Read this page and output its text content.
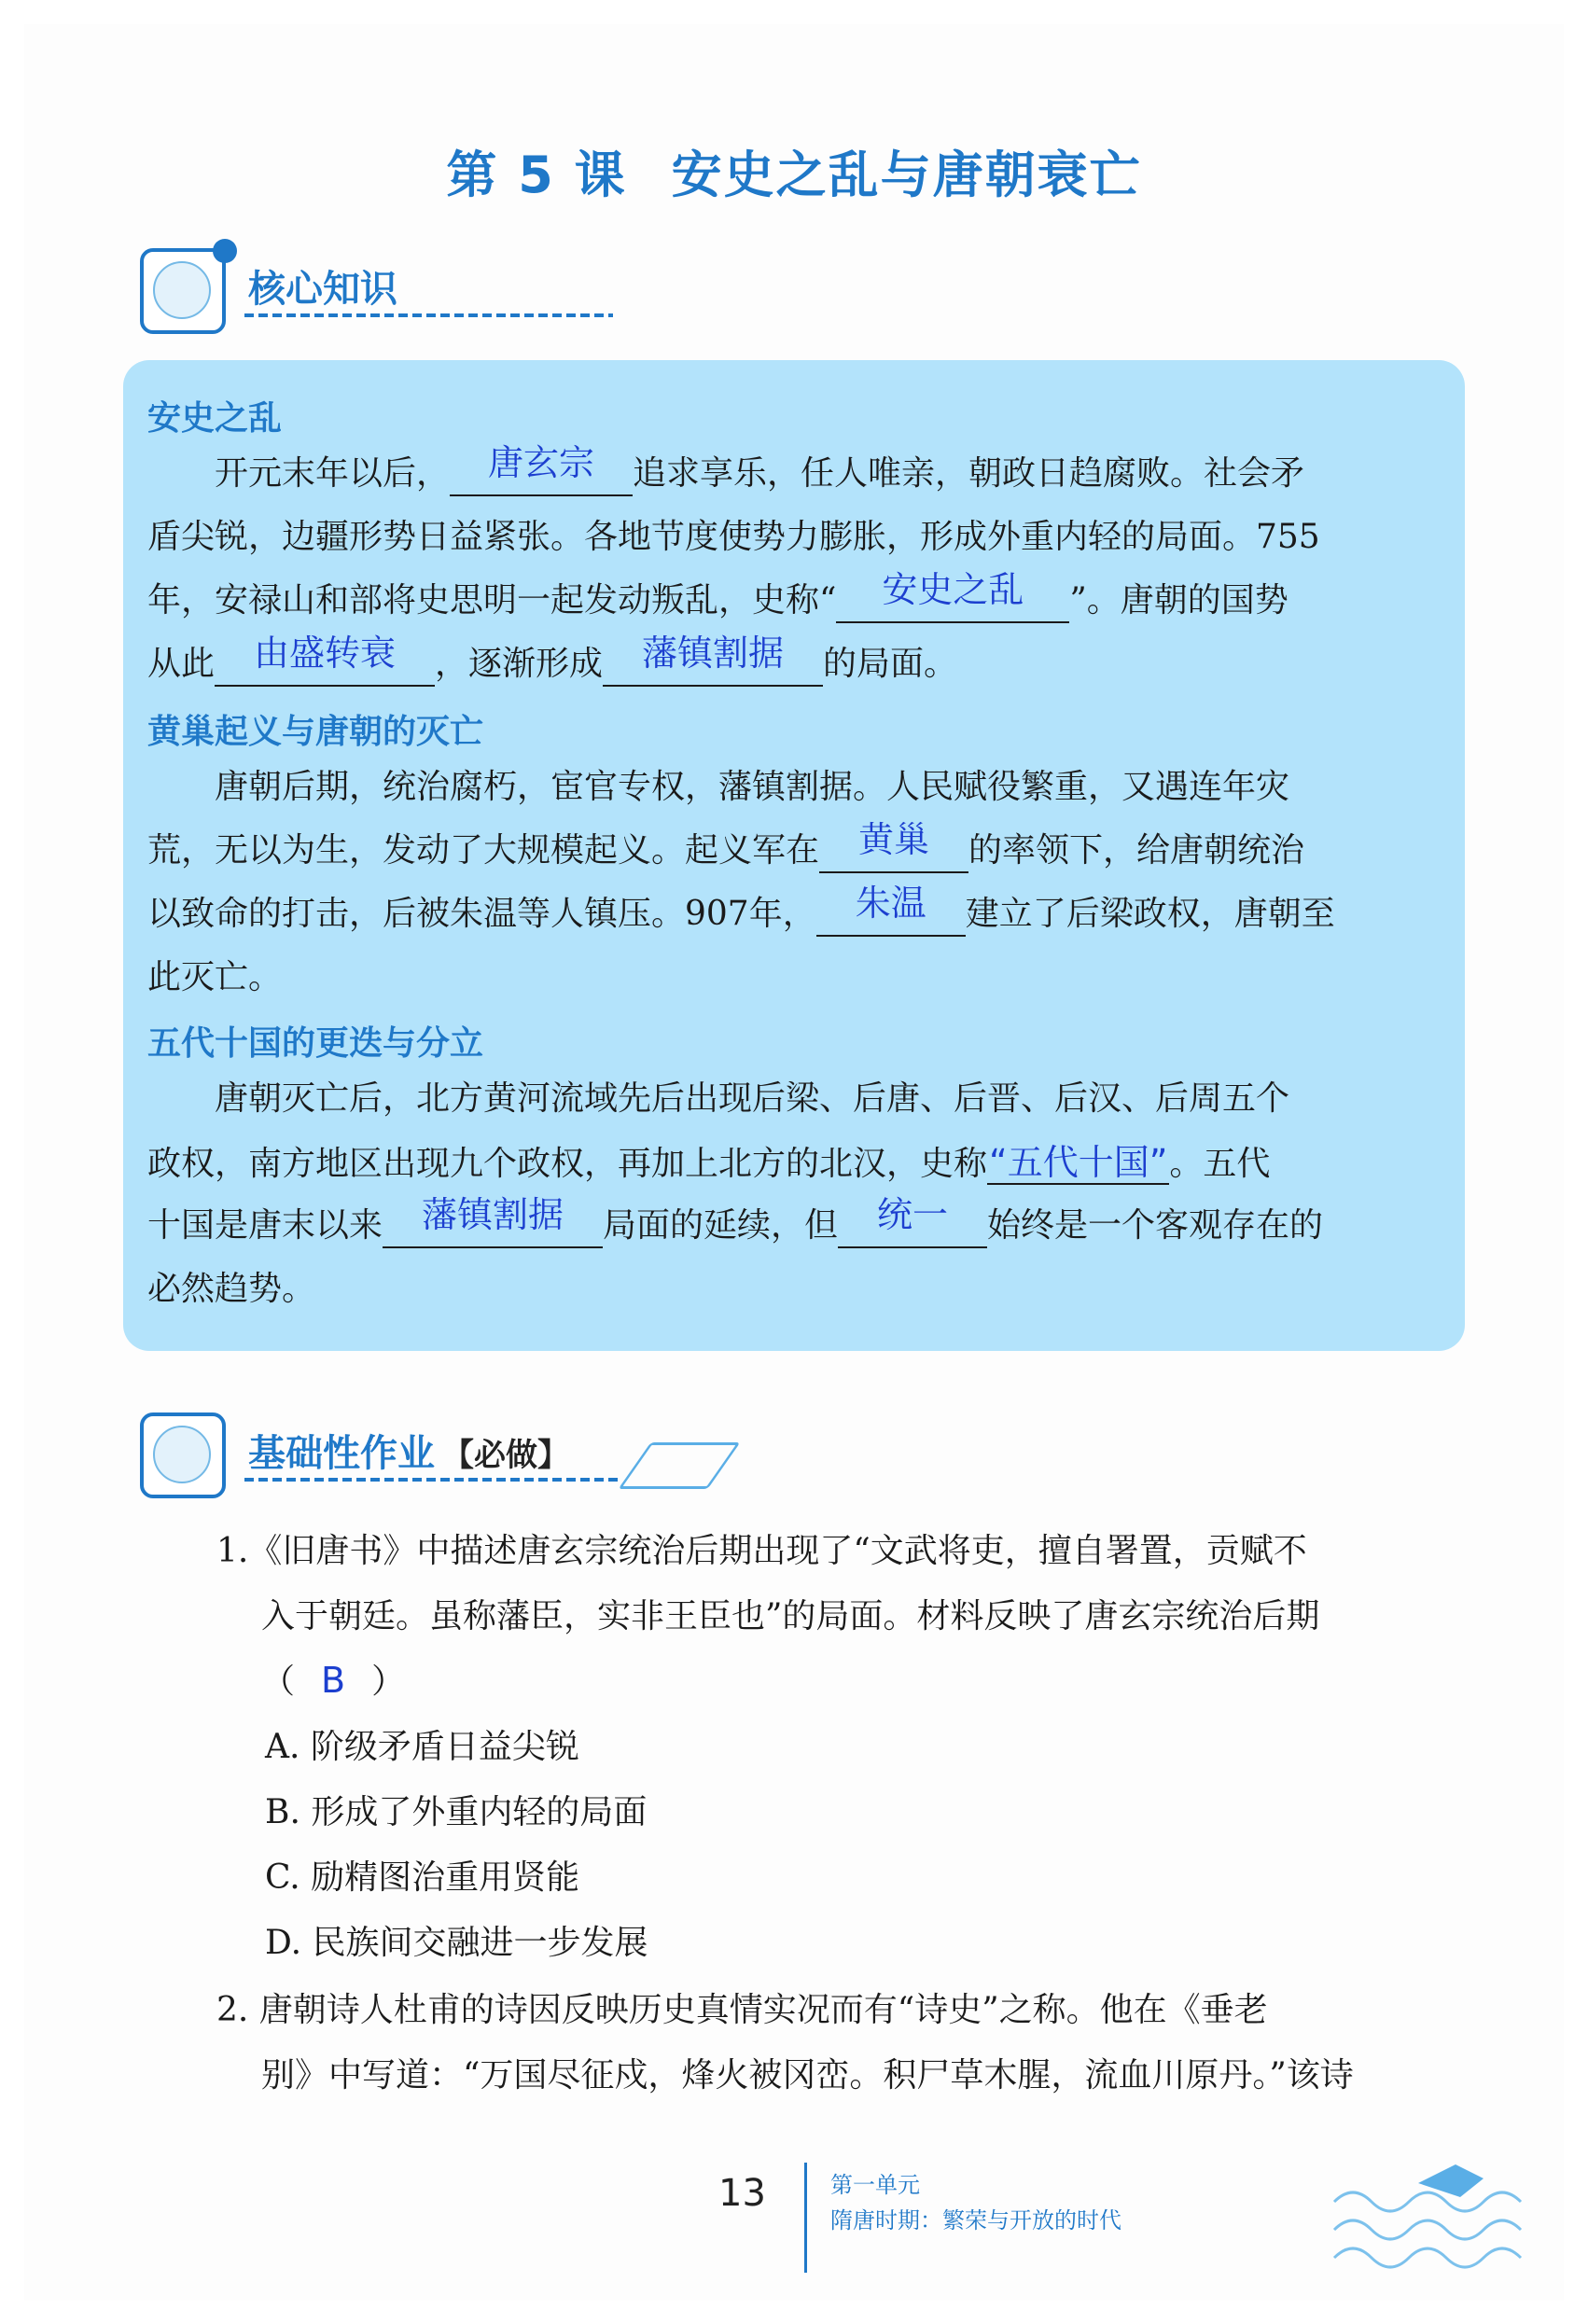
第 5 课 安史之乱与唐朝衰亡
核心知识
安史之乱
开元末年以后， 唐玄宗 追求享乐，任人唯亲，朝政日趋腐败。社会矛
盾尖锐，边疆形势日益紧张。各地节度使势力膨胀，形成外重内轻的局面。755
年，安禄山和部将史思明一起发动叛乱，史称“ 安史之乱 ”。唐朝的国势
从此 由盛转衰 ，逐渐形成 藩镇割据 的局面。
黄巢起义与唐朝的灭亡
唐朝后期，统治腐朽，宦官专权，藩镇割据。人民赋役繁重，又遇连年灾
荒，无以为生，发动了大规模起义。起义军在 黄巢 的率领下，给唐朝统治
以致命的打击，后被朱温等人镇压。907年， 朱温 建立了后梁政权，唐朝至
此灭亡。
五代十国的更迭与分立
唐朝灭亡后，北方黄河流域先后出现后梁、后唐、后晋、后汉、后周五个
政权，南方地区出现九个政权，再加上北方的北汉，史称“五代十国”。五代
十国是唐末以来 藩镇割据 局面的延续，但 统一 始终是一个客观存在的
必然趋势。
基础性作业 【必做】
1.《旧唐书》中描述唐玄宗统治后期出现了“文武将吏，擅自署置，贡赋不
入于朝廷。虽称藩臣，实非王臣也”的局面。材料反映了唐玄宗统治后期
（ B ）
A. 阶级矛盾日益尖锐
B. 形成了外重内轻的局面
C. 励精图治重用贤能
D. 民族间交融进一步发展
2. 唐朝诗人杜甫的诗因反映历史真情实况而有“诗史”之称。他在《垂老
别》中写道：“万国尽征戍，烽火被冈峦。积尸草木腥，流血川原丹。”该诗
13	第一单元
隋唐时期：繁荣与开放的时代
